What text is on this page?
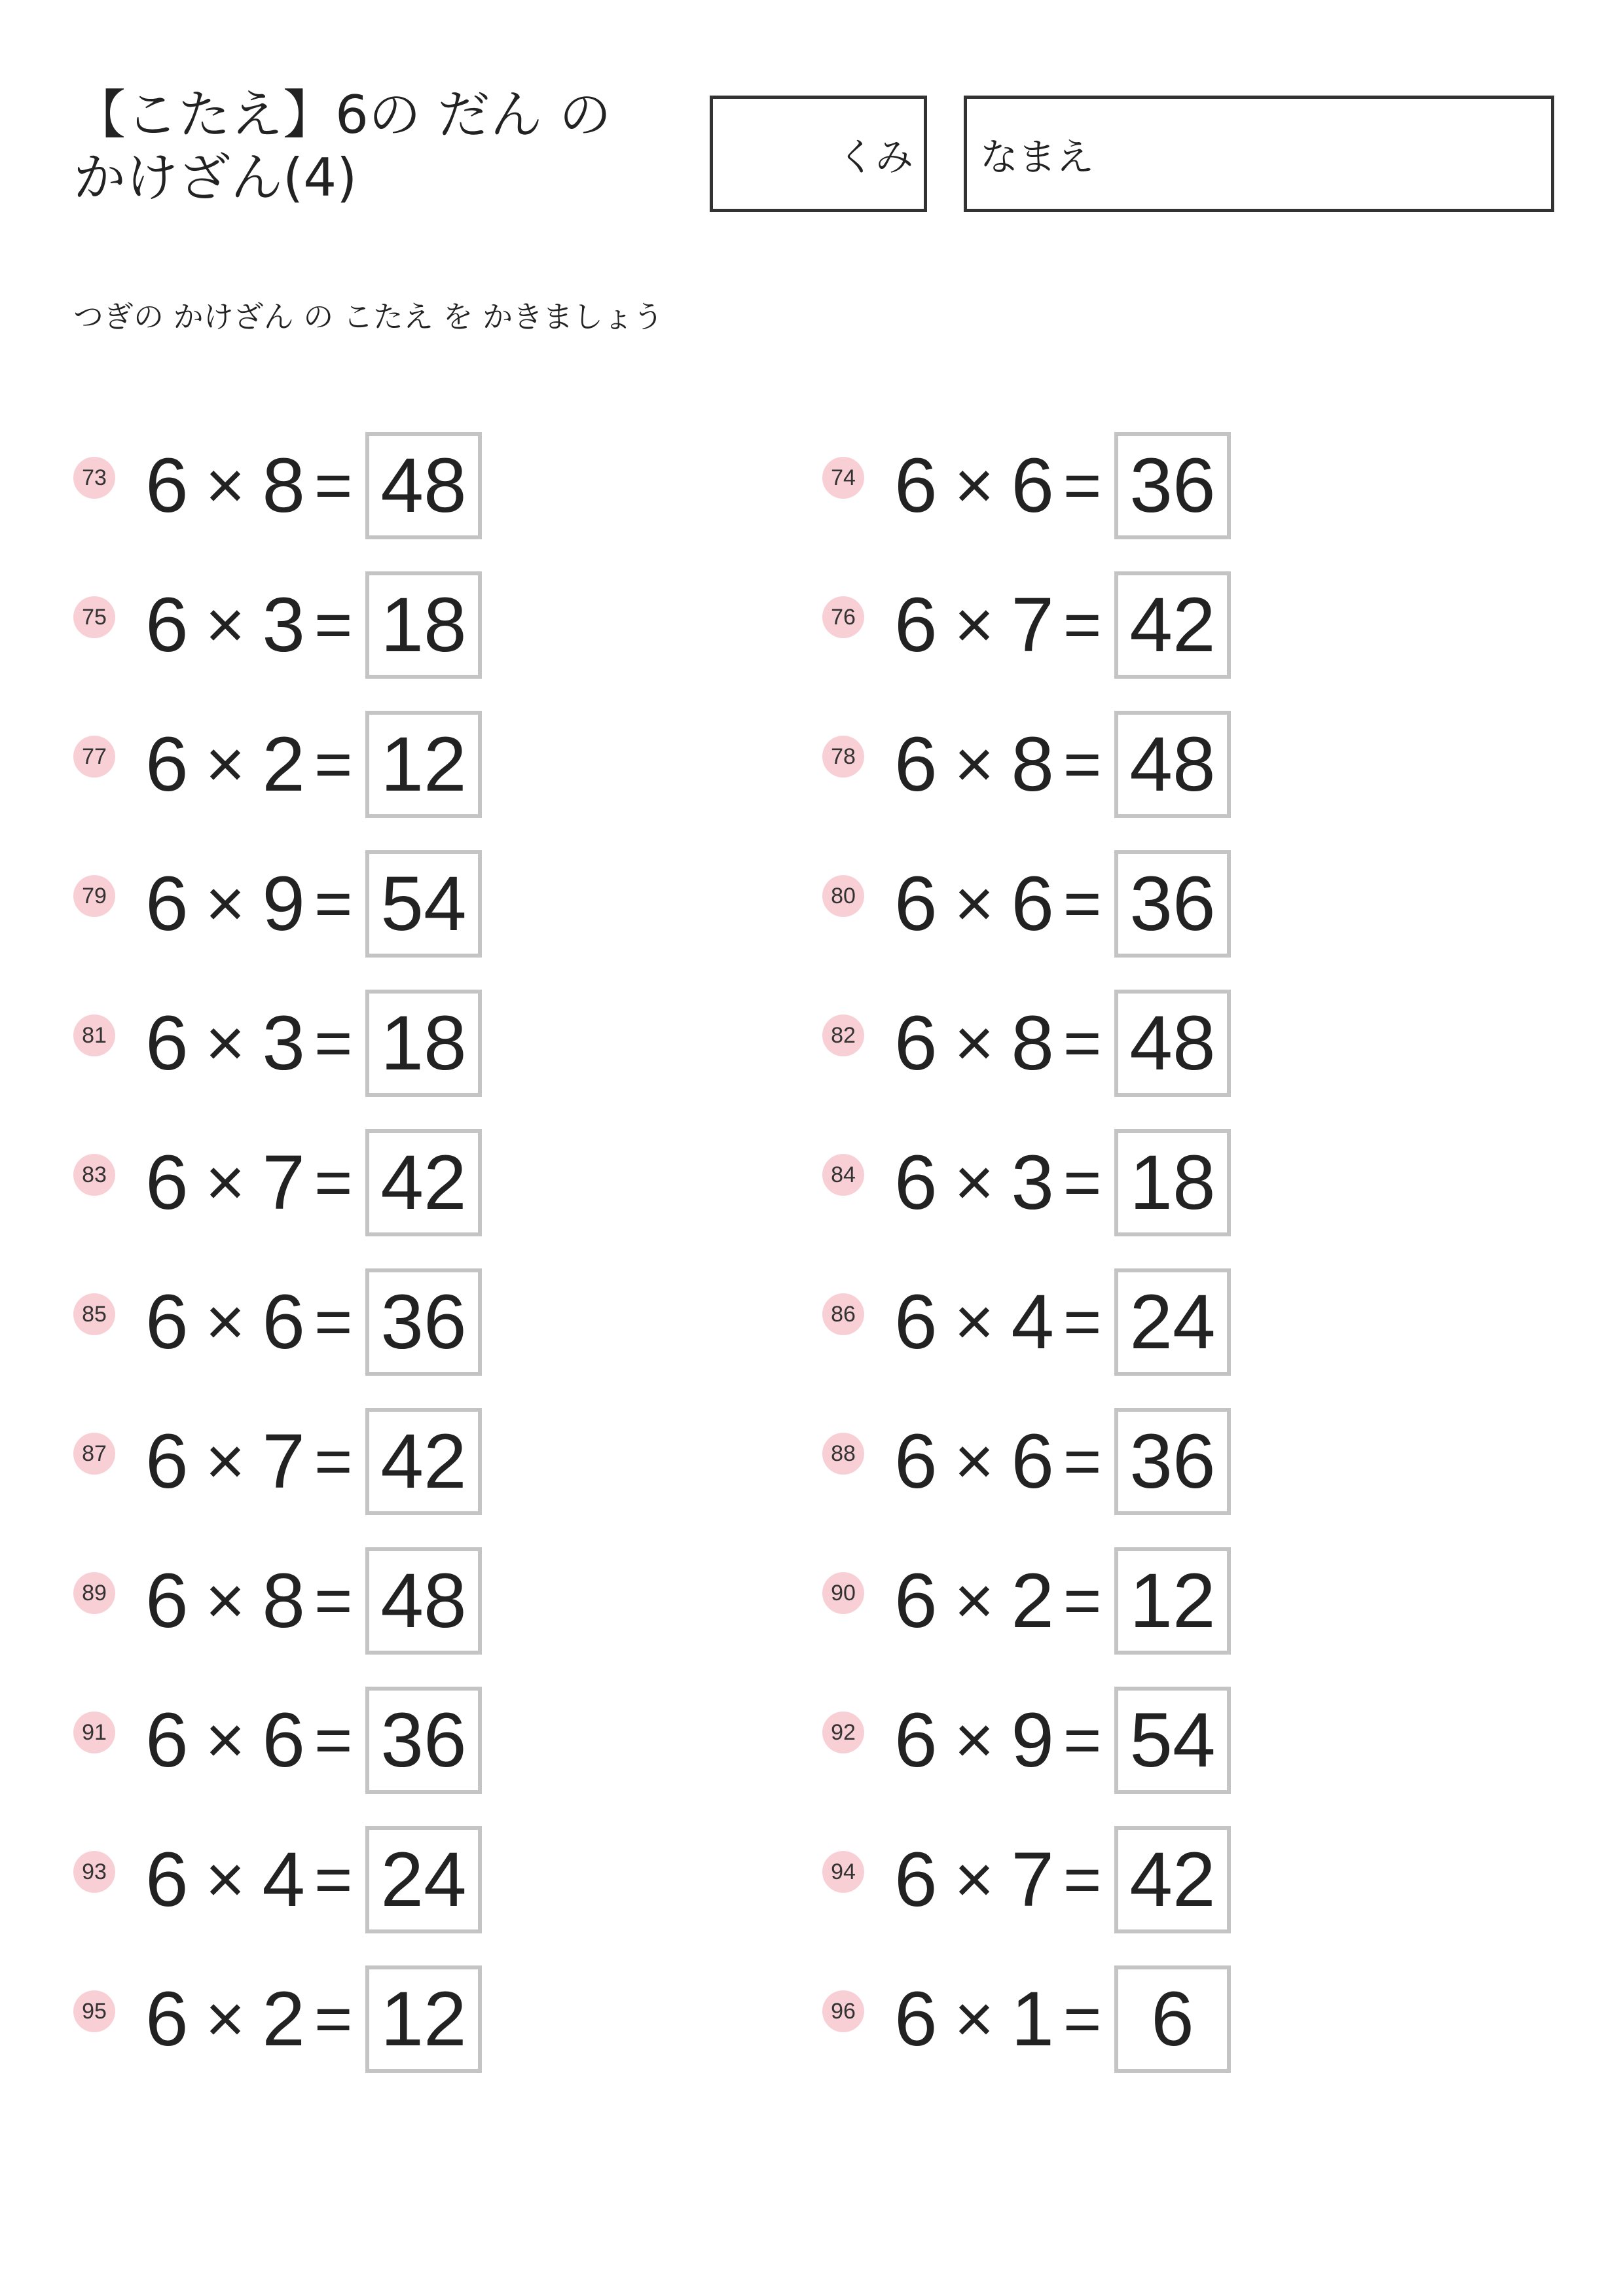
【こたえ】6の だん の
かけざん(4)	くみ なまえ
つぎの かけざん の こたえ を かきましょう
73 6 × 8 = 48	74 6 × 6 = 36
75 6 × 3 = 18	76 6 × 7 = 42
77 6 × 2 = 12	78 6 × 8 = 48
79 6 × 9 = 54	80 6 × 6 = 36
81 6 × 3 = 18	82 6 × 8 = 48
83 6 × 7 = 42	84 6 × 3 = 18
85 6 × 6 = 36	86 6 × 4 = 24
87 6 × 7 = 42	88 6 × 6 = 36
89 6 × 8 = 48	90 6 × 2 = 12
91 6 × 6 = 36	92 6 × 9 = 54
93 6 × 4 = 24	94 6 × 7 = 42
95 6 × 2 = 12	96 6 × 1 = 6
